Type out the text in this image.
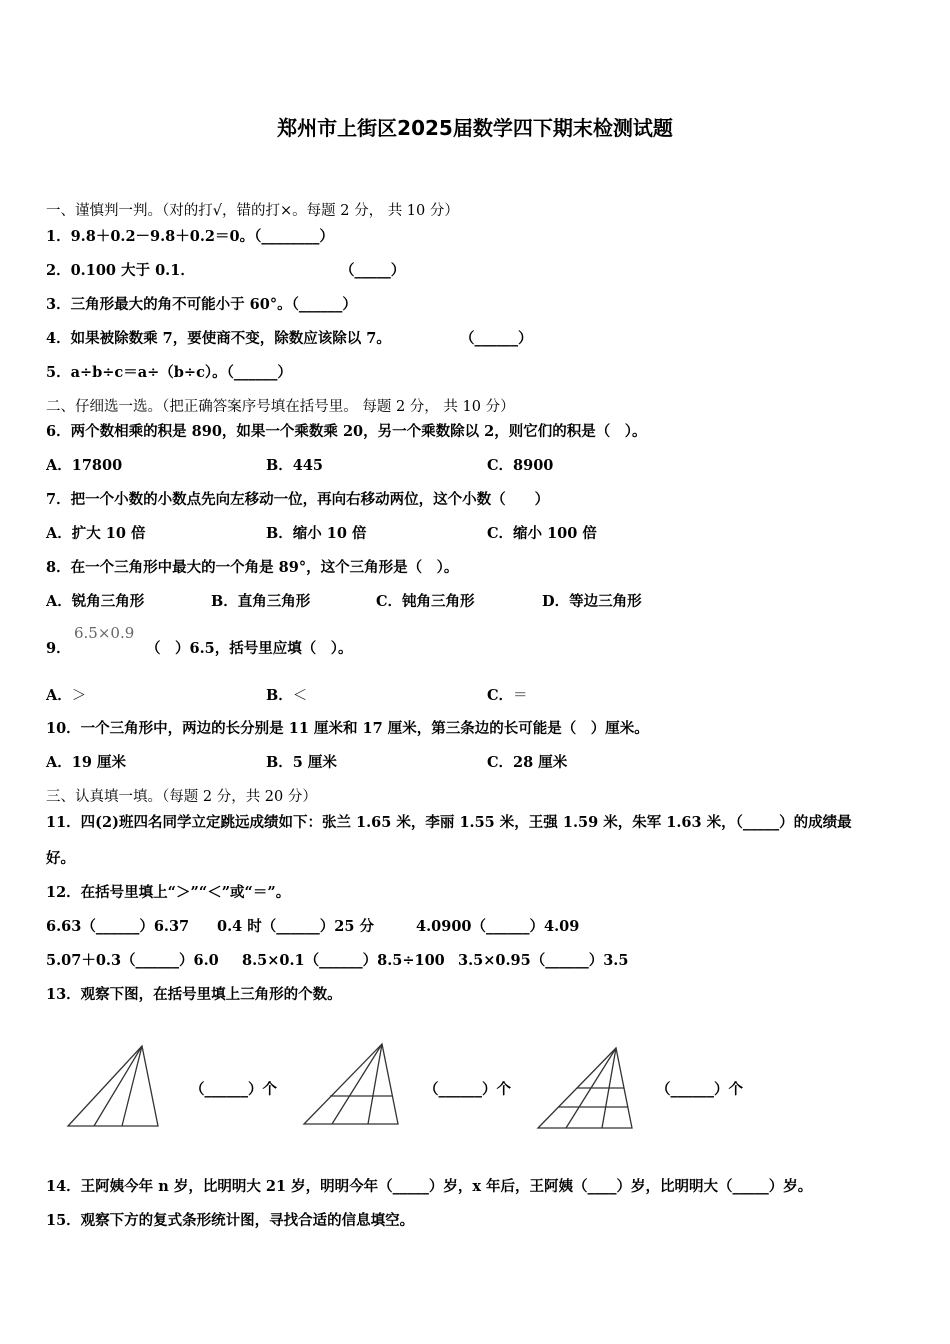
郑州市上街区2025届数学四下期末检测试题
一、谨慎判一判。（对的打√，错的打×。每题 2 分， 共 10 分）
1．9.8＋0.2－9.8＋0.2＝0。（________）
2．0.100 大于 0.1．	（_____）
3．三角形最大的角不可能小于 60°。（______）
4．如果被除数乘 7，要使商不变，除数应该除以 7。	（______）
5．a÷b÷c＝a÷（b÷c）。（______）
二、仔细选一选。（把正确答案序号填在括号里。 每题 2 分， 共 10 分）
6．两个数相乘的积是 890，如果一个乘数乘 20，另一个乘数除以 2，则它们的积是（　）。
A．17800	B．445	C．8900
7．把一个小数的小数点先向左移动一位，再向右移动两位，这个小数（　　）
A．扩大 10 倍	B．缩小 10 倍	C．缩小 100 倍
8．在一个三角形中最大的一个角是 89°，这个三角形是（　）。
A．锐角三角形	B．直角三角形	C．钝角三角形	D．等边三角形
9．
6.5×0.9
（　）6.5，括号里应填（　）。
A．＞	B．＜	C．＝
10．一个三角形中，两边的长分别是 11 厘米和 17 厘米，第三条边的长可能是（　）厘米。
A．19 厘米	B．5 厘米	C．28 厘米
三、认真填一填。（每题 2 分，共 20 分）
11．四(2)班四名同学立定跳远成绩如下：张兰 1.65 米，李丽 1.55 米，王强 1.59 米，朱军 1.63 米，（_____）的成绩最
好。
12．在括号里填上“＞”“＜”或“＝”。
6.63（______）6.37 0.4 时（______）25 分	4.0900（______）4.09
5.07＋0.3（______）6.0 8.5×0.1（______）8.5÷100 3.5×0.95（______）3.5
13．观察下图，在括号里填上三角形的个数。
（______）个	（______）个	（______）个
14．王阿姨今年 n 岁，比明明大 21 岁，明明今年（_____）岁，x 年后，王阿姨（____）岁，比明明大（_____）岁。
15．观察下方的复式条形统计图，寻找合适的信息填空。
